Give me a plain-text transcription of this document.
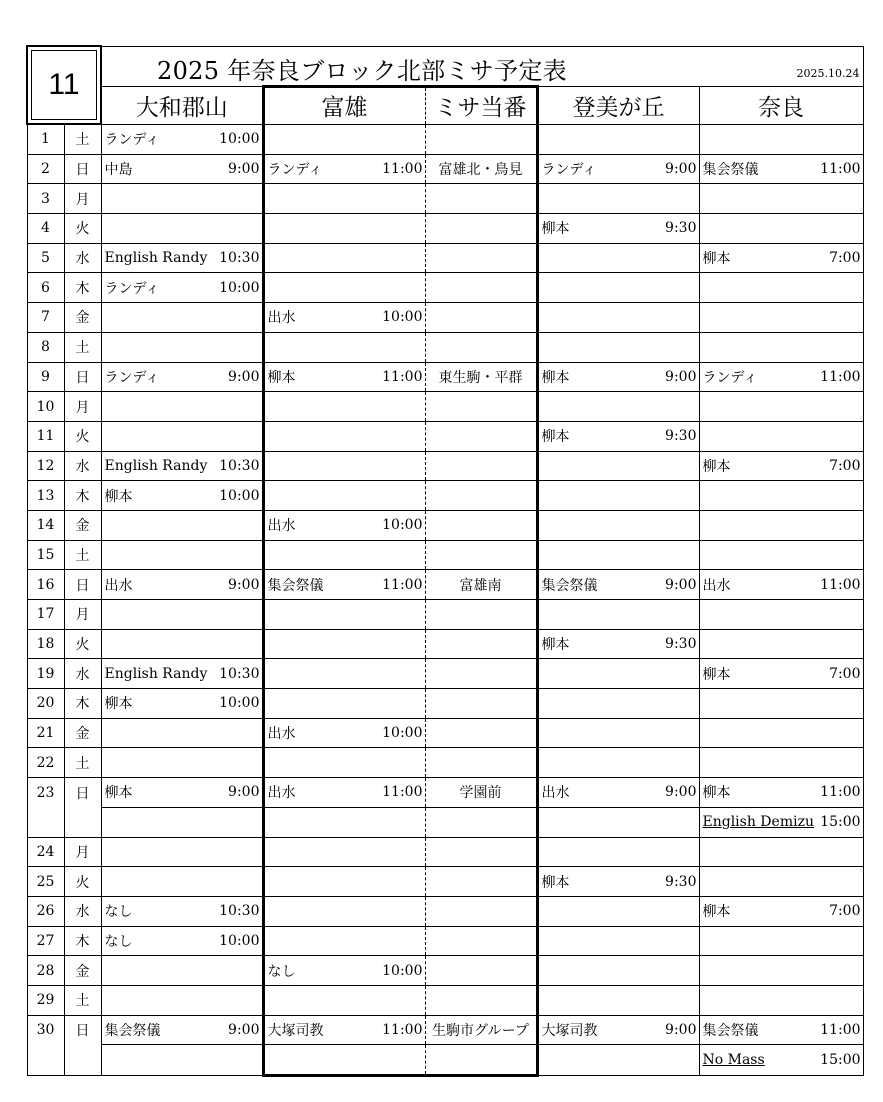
11		2025 年奈良ブロック北部ミサ予定表 2025.10.24				

		大和郡山	富雄	ミサ当番	登美が丘	奈良
1	土	ランディ 10:00				

2	日	中島 9:00	ランディ 11:00	富雄北・鳥見	ランディ 9:00	集会祭儀 11:00

3	月	

4	火				柳本 9:30	

5	水	English Randy 10:30				柳本 7:00

6	木	ランディ 10:00				

7	金		出水 10:00			

8	土	

9	日	ランディ 9:00	柳本 11:00	東生駒・平群	柳本 9:00	ランディ 11:00

10	月	

11	火				柳本 9:30	

12	水	English Randy 10:30				柳本 7:00

13	木	柳本 10:00				

14	金		出水 10:00			

15	土	

16	日	出水 9:00	集会祭儀 11:00	富雄南	集会祭儀 9:00	出水 11:00

17	月	

18	火				柳本 9:30	

19	水	English Randy 10:30				柳本 7:00

20	木	柳本 10:00				

21	金		出水 10:00			

22	土	

23	日	柳本 9:00	出水 11:00	学園前	出水 9:00	柳本 11:00

						English Demizu 15:00

24	月	

25	火				柳本 9:30	

26	水	なし 10:30				柳本 7:00

27	木	なし 10:00				

28	金		なし 10:00			

29	土	

30	日	集会祭儀 9:00	大塚司教 11:00	生駒市グループ	大塚司教 9:00	集会祭儀 11:00

						No Mass 15:00
